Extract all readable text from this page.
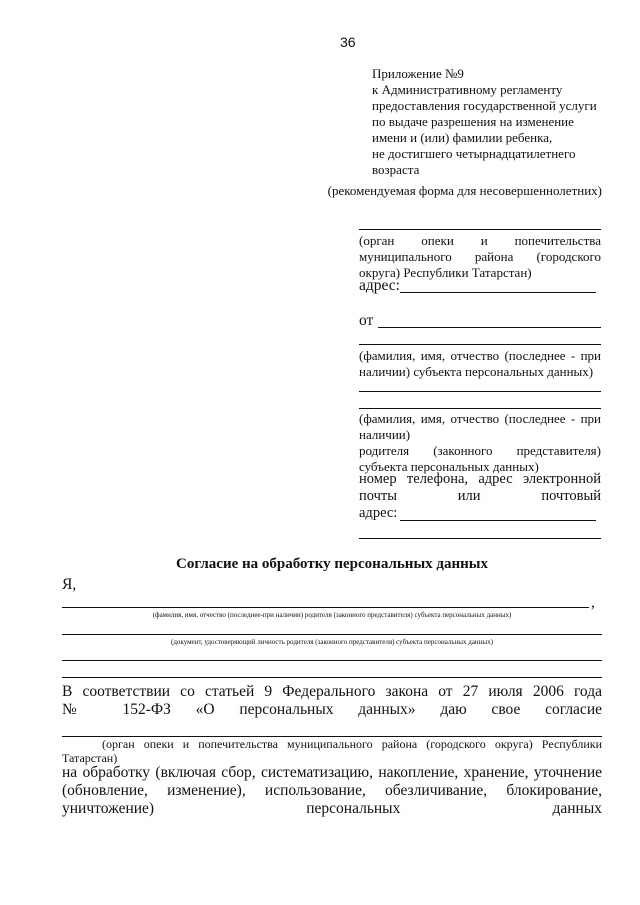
36
Приложение №9
к Административному регламенту
предоставления государственной услуги
по выдаче разрешения на изменение
имени и (или) фамилии ребенка,
не достигшего четырнадцатилетнего
возраста
(рекомендуемая форма для несовершеннолетних)
(орган опеки и попечительства
муниципального района (городского
округа) Республики Татарстан)
адрес:
от
(фамилия, имя, отчество (последнее - при
наличии) субъекта персональных данных)
(фамилия, имя, отчество (последнее - при
наличии)
родителя (законного представителя)
субъекта персональных данных)
номер телефона, адрес электронной
почты или почтовый
адрес:
Согласие на обработку персональных данных
Я,
,
(фамилия, имя, отчество (последнее-при наличии) родителя (законного представителя) субъекта персональных данных)
(документ, удостоверяющий личность родителя (законного представителя) субъекта персональных данных)
В соответствии со статьей 9 Федерального закона от 27 июля 2006 года
№ 152-ФЗ «О персональных данных» даю свое согласие
(орган опеки и попечительства муниципального района (городского округа) Республики
Татарстан)
на обработку (включая сбор, систематизацию, накопление, хранение, уточнение
(обновление, изменение), использование, обезличивание, блокирование,
уничтожение) персональных данных
